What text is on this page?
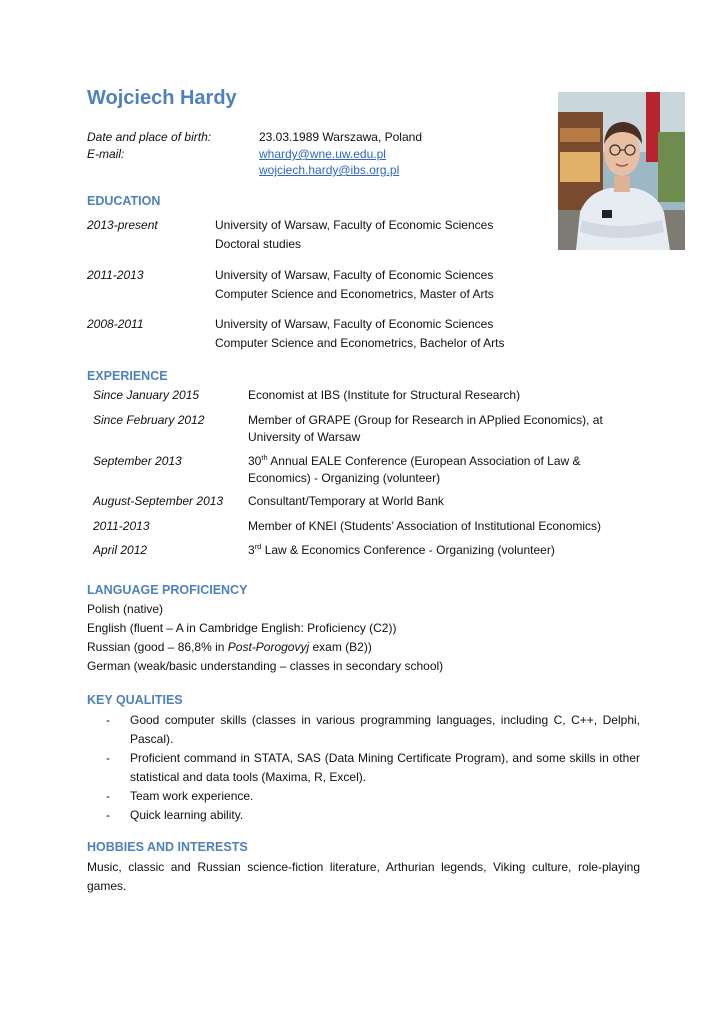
Wojciech Hardy
Date and place of birth:	23.03.1989 Warszawa, Poland
E-mail:	whardy@wne.uw.edu.pl
wojciech.hardy@ibs.org.pl
EDUCATION
2013-present	University of Warsaw, Faculty of Economic Sciences
Doctoral studies
2011-2013	University of Warsaw, Faculty of Economic Sciences
Computer Science and Econometrics, Master of Arts
2008-2011	University of Warsaw, Faculty of Economic Sciences
Computer Science and Econometrics, Bachelor of Arts
EXPERIENCE
Since January 2015	Economist at IBS (Institute for Structural Research)
Since February 2012	Member of GRAPE (Group for Research in APplied Economics), at University of Warsaw
September 2013	30th Annual EALE Conference (European Association of Law & Economics) - Organizing (volunteer)
August-September 2013 Consultant/Temporary at World Bank
2011-2013	Member of KNEI (Students’ Association of Institutional Economics)
April 2012	3rd Law & Economics Conference - Organizing (volunteer)
LANGUAGE PROFICIENCY
Polish (native)
English (fluent – A in Cambridge English: Proficiency (C2))
Russian (good – 86,8% in Post-Porogovyj exam (B2))
German (weak/basic understanding – classes in secondary school)
KEY QUALITIES
- Good computer skills (classes in various programming languages, including C, C++, Delphi, Pascal).
- Proficient command in STATA, SAS (Data Mining Certificate Program), and some skills in other statistical and data tools (Maxima, R, Excel).
- Team work experience.
- Quick learning ability.
HOBBIES AND INTERESTS
Music, classic and Russian science-fiction literature, Arthurian legends, Viking culture, role-playing games.
